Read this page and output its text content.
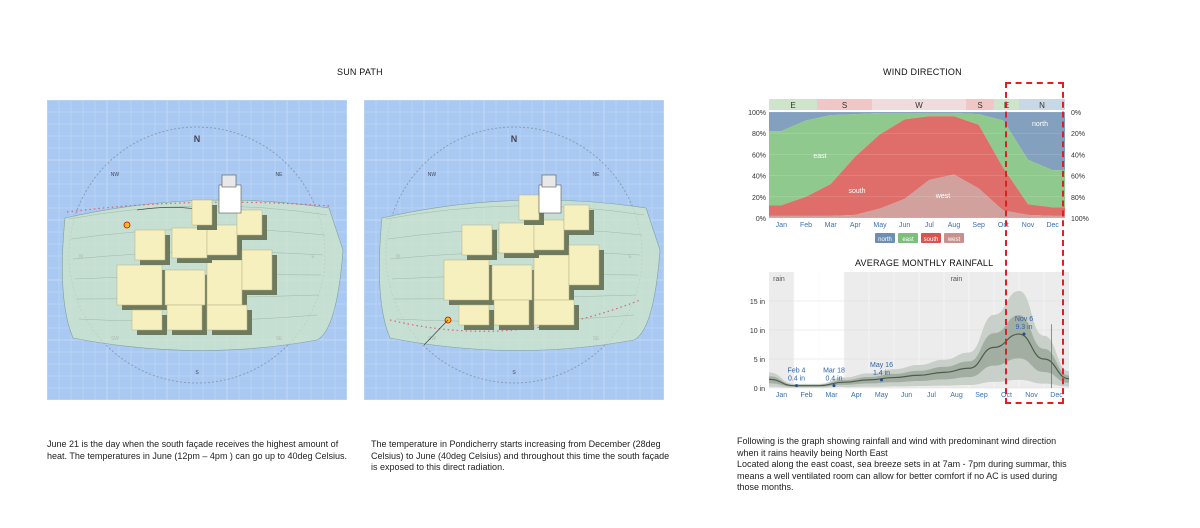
SUN PATH
N
NE
S
NW
N
NE
S
NW

June 21 is the day when the south façade receives the highest amount of heat. The temperatures in June (12pm – 4pm ) can go up to 40deg Celsius.

The temperature in Pondicherry starts increasing from December (28deg Celsius) to June (40deg Celsius) and throughout this time the south façade is exposed to this direct radiation.

WIND DIRECTION
E	S	W	S	E	N
100%
80%
60%
40%
20%
0%
0%
20%
40%
60%
80%
100%
Jan Feb Mar Apr May Jun Jul Aug Sep Oct Nov Dec
north
east
south
west
north east south west
AVERAGE MONTHLY RAINFALL
rain	rain
15 in
10 in
5 in
0 in
Feb 4
0.4 in
Mar 18
0.4 in
May 16
1.4 in
Nov 6
9.3 in
Jan Feb Mar Apr May Jun Jul Aug Sep Oct Nov Dec
Following is the graph showing rainfall and wind with predominant wind direction
when it rains heavily being North East
Located along the east coast, sea breeze sets in at 7am - 7pm during summar, this
means a well ventilated room can allow for better comfort if no AC is used during
those months.
